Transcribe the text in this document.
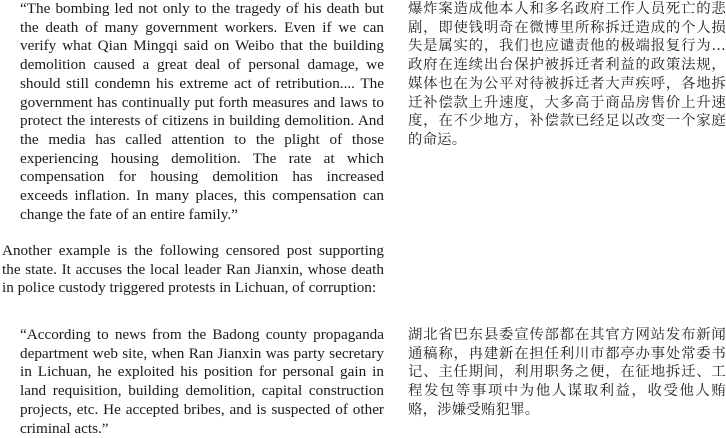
“The bombing led not only to the tragedy of his death but the death of many government workers. Even if we can verify what Qian Mingqi said on Weibo that the building demolition caused a great deal of personal damage, we should still condemn his extreme act of retribution.... The government has continually put forth measures and laws to protect the interests of citizens in building demolition. And the media has called attention to the plight of those experiencing housing demolition. The rate at which compensation for housing demolition has increased exceeds inflation. In many places, this compensation can change the fate of an entire family.”
爆炸案造成他本人和多名政府工作人员死亡的悲剧，即使钱明奇在微博里所称拆迁造成的个人损失是属实的，我们也应谴责他的极端报复行为…政府在连续出台保护被拆迁者利益的政策法规，媒体也在为公平对待被拆迁者大声疾呼，各地拆迁补偿款上升速度，大多高于商品房售价上升速度，在不少地方，补偿款已经足以改变一个家庭的命运。
Another example is the following censored post supporting the state. It accuses the local leader Ran Jianxin, whose death in police custody triggered protests in Lichuan, of corruption:
“According to news from the Badong county propaganda department web site, when Ran Jianxin was party secretary in Lichuan, he exploited his position for personal gain in land requisition, building demolition, capital construction projects, etc. He accepted bribes, and is suspected of other criminal acts.”
湖北省巴东县委宣传部都在其官方网站发布新闻通稿称，冉建新在担任利川市都亭办事处常委书记、主任期间，利用职务之便，在征地拆迁、工程发包等事项中为他人谋取利益，收受他人贿赂，涉嫌受贿犯罪。
